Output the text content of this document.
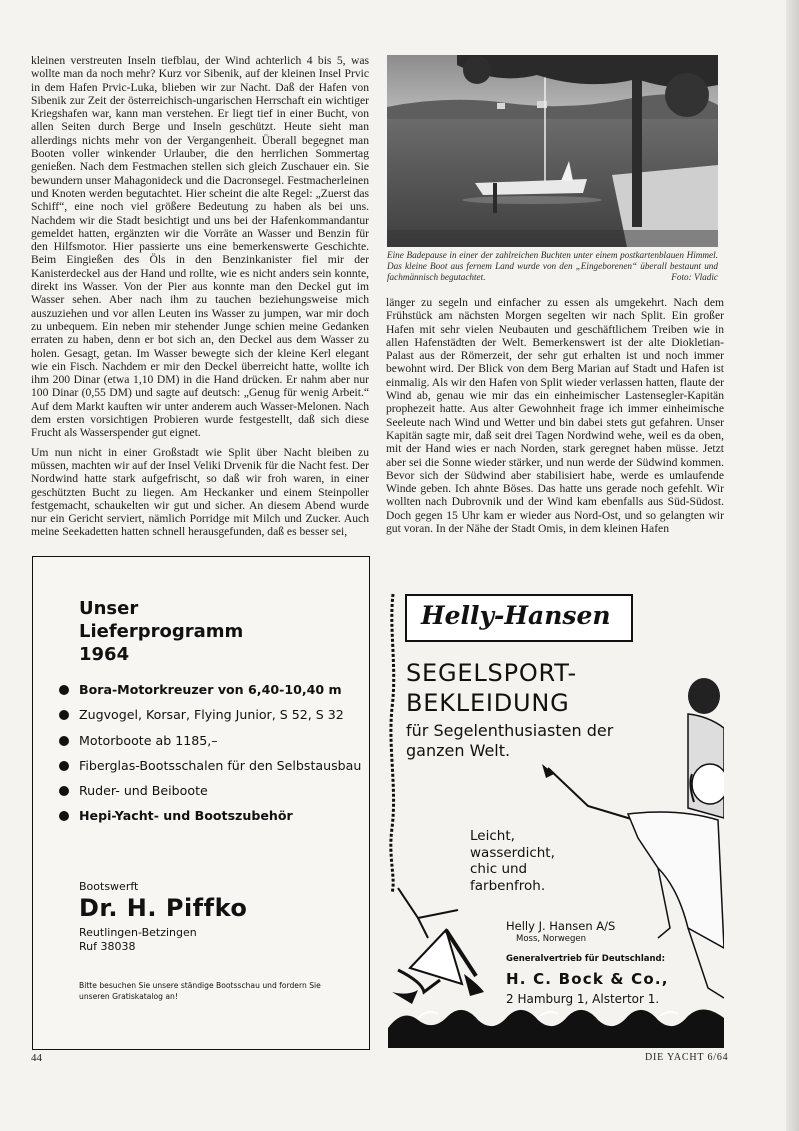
kleinen verstreuten Inseln tiefblau, der Wind achterlich 4 bis 5, was wollte man da noch mehr? Kurz vor Sibenik, auf der kleinen Insel Prvic in dem Hafen Prvic-Luka, blieben wir zur Nacht. Daß der Hafen von Sibenik zur Zeit der österreichisch-ungarischen Herrschaft ein wichtiger Kriegshafen war, kann man verstehen. Er liegt tief in einer Bucht, von allen Seiten durch Berge und Inseln geschützt. Heute sieht man allerdings nichts mehr von der Vergangenheit. Überall begegnet man Booten voller winkender Urlauber, die den herrlichen Sommertag genießen. Nach dem Festmachen stellen sich gleich Zuschauer ein. Sie bewundern unser Mahagonideck und die Dacronsegel. Festmacherleinen und Knoten werden begutachtet. Hier scheint die alte Regel: „Zuerst das Schiff“, eine noch viel größere Bedeutung zu haben als bei uns. Nachdem wir die Stadt besichtigt und uns bei der Hafenkommandantur gemeldet hatten, ergänzten wir die Vorräte an Wasser und Benzin für den Hilfsmotor. Hier passierte uns eine bemerkenswerte Geschichte. Beim Eingießen des Öls in den Benzinkanister fiel mir der Kanisterdeckel aus der Hand und rollte, wie es nicht anders sein konnte, direkt ins Wasser. Von der Pier aus konnte man den Deckel gut im Wasser sehen. Aber nach ihm zu tauchen beziehungsweise mich auszuziehen und vor allen Leuten ins Wasser zu jumpen, war mir doch zu unbequem. Ein neben mir stehender Junge schien meine Gedanken erraten zu haben, denn er bot sich an, den Deckel aus dem Wasser zu holen. Gesagt, getan. Im Wasser bewegte sich der kleine Kerl elegant wie ein Fisch. Nachdem er mir den Deckel überreicht hatte, wollte ich ihm 200 Dinar (etwa 1,10 DM) in die Hand drücken. Er nahm aber nur 100 Dinar (0,55 DM) und sagte auf deutsch: „Genug für wenig Arbeit.“ Auf dem Markt kauften wir unter anderem auch Wasser-Melonen. Nach dem ersten vorsichtigen Probieren wurde festgestellt, daß sich diese Frucht als Wasserspender gut eignet.

Um nun nicht in einer Großstadt wie Split über Nacht bleiben zu müssen, machten wir auf der Insel Veliki Drvenik für die Nacht fest. Der Nordwind hatte stark aufgefrischt, so daß wir froh waren, in einer geschützten Bucht zu liegen. Am Heckanker und einem Steinpoller festgemacht, schaukelten wir gut und sicher. An diesem Abend wurde nur ein Gericht serviert, nämlich Porridge mit Milch und Zucker. Auch meine Seekadetten hatten schnell herausgefunden, daß es besser sei,

Eine Badepause in einer der zahlreichen Buchten unter einem postkartenblauen Himmel. Das kleine Boot aus fernem Land wurde von den „Eingeborenen“ überall bestaunt und fachmännisch begutachtet.	Foto: Vladic

länger zu segeln und einfacher zu essen als umgekehrt. Nach dem Frühstück am nächsten Morgen segelten wir nach Split. Ein großer Hafen mit sehr vielen Neubauten und geschäftlichem Treiben wie in allen Hafenstädten der Welt. Bemerkenswert ist der alte Diokletian-Palast aus der Römerzeit, der sehr gut erhalten ist und noch immer bewohnt wird. Der Blick von dem Berg Marian auf Stadt und Hafen ist einmalig. Als wir den Hafen von Split wieder verlassen hatten, flaute der Wind ab, genau wie mir das ein einheimischer Lastensegler-Kapitän prophezeit hatte. Aus alter Gewohnheit frage ich immer einheimische Seeleute nach Wind und Wetter und bin dabei stets gut gefahren. Unser Kapitän sagte mir, daß seit drei Tagen Nordwind wehe, weil es da oben, mit der Hand wies er nach Norden, stark geregnet haben müsse. Jetzt aber sei die Sonne wieder stärker, und nun werde der Südwind kommen. Bevor sich der Südwind aber stabilisiert habe, werde es umlaufende Winde geben. Ich ahnte Böses. Das hatte uns gerade noch gefehlt. Wir wollten nach Dubrovnik und der Wind kam ebenfalls aus Süd-Südost. Doch gegen 15 Uhr kam er wieder aus Nord-Ost, und so gelangten wir gut voran. In der Nähe der Stadt Omis, in dem kleinen Hafen

Unser
Lieferprogramm
1964
Bora-Motorkreuzer von 6,40-10,40 m
Zugvogel, Korsar, Flying Junior, S 52, S 32
Motorboote ab 1185,–
Fiberglas-Bootsschalen für den Selbstausbau
Ruder- und Beiboote
Hepi-Yacht- und Bootszubehör
Bootswerft
Dr. H. Piffko
Reutlingen-Betzingen
Ruf 38038
Bitte besuchen Sie unsere ständige Bootsschau und fordern Sie unseren Gratiskatalog an!
Helly-Hansen
SEGELSPORT-
BEKLEIDUNG
für Segelenthusiasten der
ganzen Welt.
Leicht,
wasserdicht,
chic und
farbenfroh.
Helly J. Hansen A/S
Moss, Norwegen
Generalvertrieb für Deutschland:
H. C. Bock & Co.,
2 Hamburg 1, Alstertor 1.
44	DIE YACHT 6/64
